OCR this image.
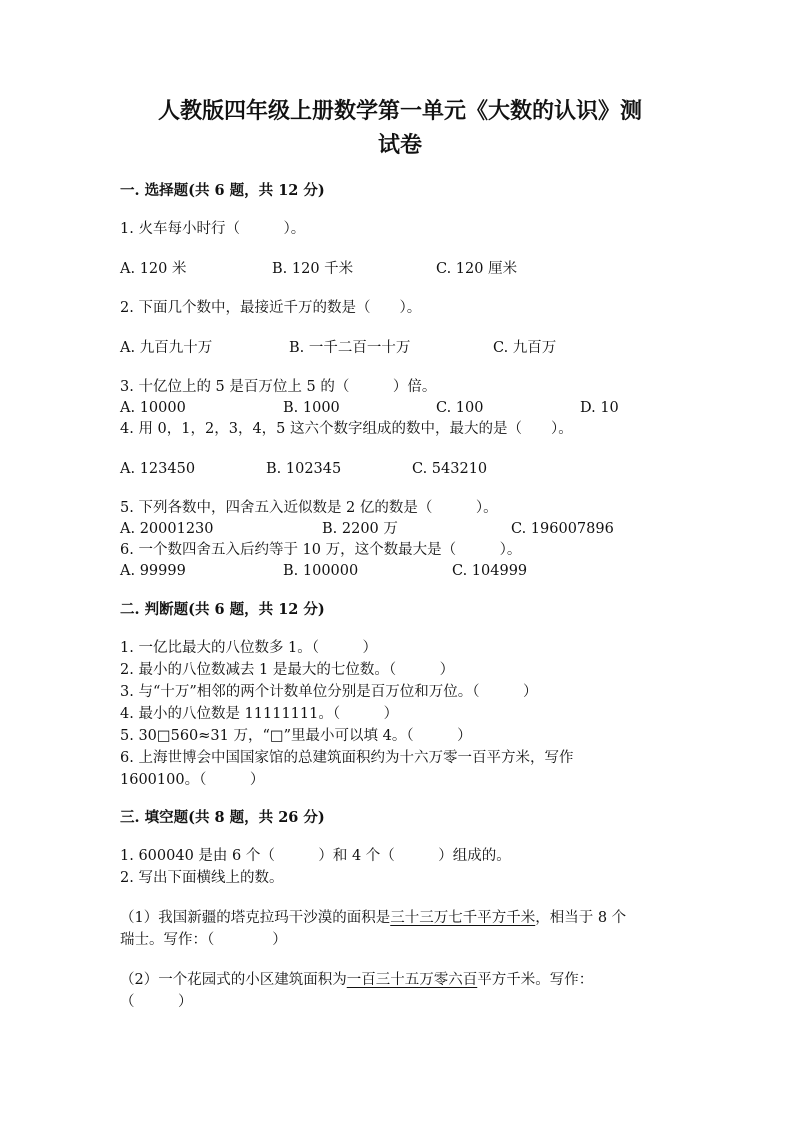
人教版四年级上册数学第一单元《大数的认识》测
试卷
一. 选择题(共 6 题，共 12 分)
1. 火车每小时行（　　　）。
A. 120 米	B. 120 千米	C. 120 厘米
2. 下面几个数中，最接近千万的数是（　　）。
A. 九百九十万	B. 一千二百一十万	C. 九百万
3. 十亿位上的 5 是百万位上 5 的（　　　）倍。
A. 10000	B. 1000	C. 100	D. 10
4. 用 0，1，2，3，4，5 这六个数字组成的数中，最大的是（　　）。
A. 123450	B. 102345	C. 543210
5. 下列各数中，四舍五入近似数是 2 亿的数是（　　　）。
A. 20001230	B. 2200 万	C. 196007896
6. 一个数四舍五入后约等于 10 万，这个数最大是（　　　）。
A. 99999	B. 100000	C. 104999
二. 判断题(共 6 题，共 12 分)
1. 一亿比最大的八位数多 1。（　　　）
2. 最小的八位数减去 1 是最大的七位数。（　　　）
3. 与“十万”相邻的两个计数单位分别是百万位和万位。（　　　）
4. 最小的八位数是 11111111。（　　　）
5. 30□560≈31 万，“□”里最小可以填 4。（　　　）
6. 上海世博会中国国家馆的总建筑面积约为十六万零一百平方米，写作
1600100。（　　　）
三. 填空题(共 8 题，共 26 分)
1. 600040 是由 6 个（　　　）和 4 个（　　　）组成的。
2. 写出下面横线上的数。
（1）我国新疆的塔克拉玛干沙漠的面积是三十三万七千平方千米，相当于 8 个
瑞士。写作：（　　　　）
（2）一个花园式的小区建筑面积为一百三十五万零六百平方千米。写作：
（　　　）
